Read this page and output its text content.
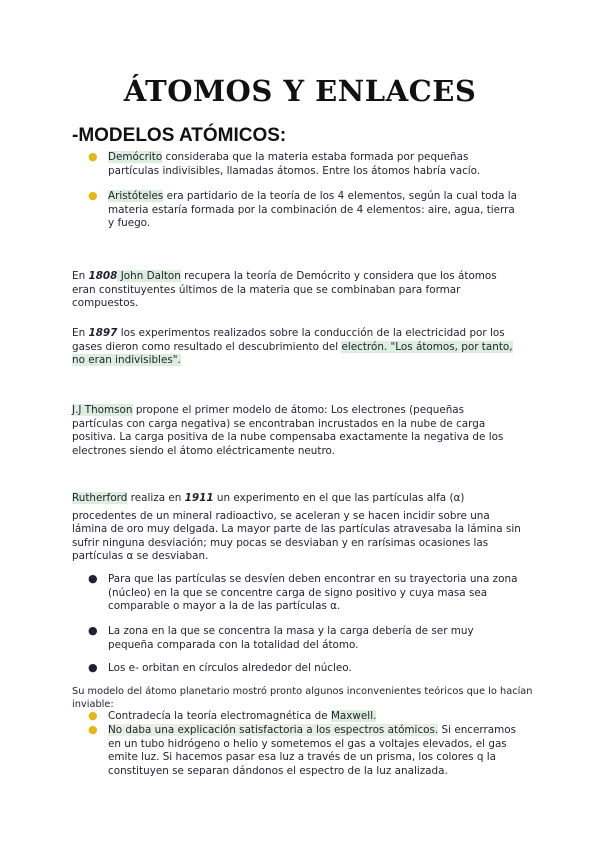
ÁTOMOS Y ENLACES
-MODELOS ATÓMICOS:
● Demócrito consideraba que la materia estaba formada por pequeñas
partículas indivisibles, llamadas átomos. Entre los átomos habría vacío.
● Aristóteles era partidario de la teoría de los 4 elementos, según la cual toda la
materia estaría formada por la combinación de 4 elementos: aire, agua, tierra
y fuego.
En 1808 John Dalton recupera la teoría de Demócrito y considera que los átomos
eran constituyentes últimos de la materia que se combinaban para formar
compuestos.
En 1897 los experimentos realizados sobre la conducción de la electricidad por los
gases dieron como resultado el descubrimiento del electrón. "Los átomos, por tanto,
no eran indivisibles".
J.J Thomson propone el primer modelo de átomo: Los electrones (pequeñas
partículas con carga negativa) se encontraban incrustados en la nube de carga
positiva. La carga positiva de la nube compensaba exactamente la negativa de los
electrones siendo el átomo eléctricamente neutro.
Rutherford realiza en 1911 un experimento en el que las partículas alfa (α)
procedentes de un mineral radioactivo, se aceleran y se hacen incidir sobre una
lámina de oro muy delgada. La mayor parte de las partículas atravesaba la lámina sin
sufrir ninguna desviación; muy pocas se desviaban y en rarísimas ocasiones las
partículas α se desviaban.
● Para que las partículas se desvíen deben encontrar en su trayectoria una zona
(núcleo) en la que se concentre carga de signo positivo y cuya masa sea
comparable o mayor a la de las partículas α.
● La zona en la que se concentra la masa y la carga debería de ser muy
pequeña comparada con la totalidad del átomo.
● Los e- orbitan en círculos alrededor del núcleo.
Su modelo del átomo planetario mostró pronto algunos inconvenientes teóricos que lo hacían
inviable:
● Contradecía la teoría electromagnética de Maxwell.
● No daba una explicación satisfactoria a los espectros atómicos. Si encerramos
en un tubo hidrógeno o helio y sometemos el gas a voltajes elevados, el gas
emite luz. Si hacemos pasar esa luz a través de un prisma, los colores q la
constituyen se separan dándonos el espectro de la luz analizada.
